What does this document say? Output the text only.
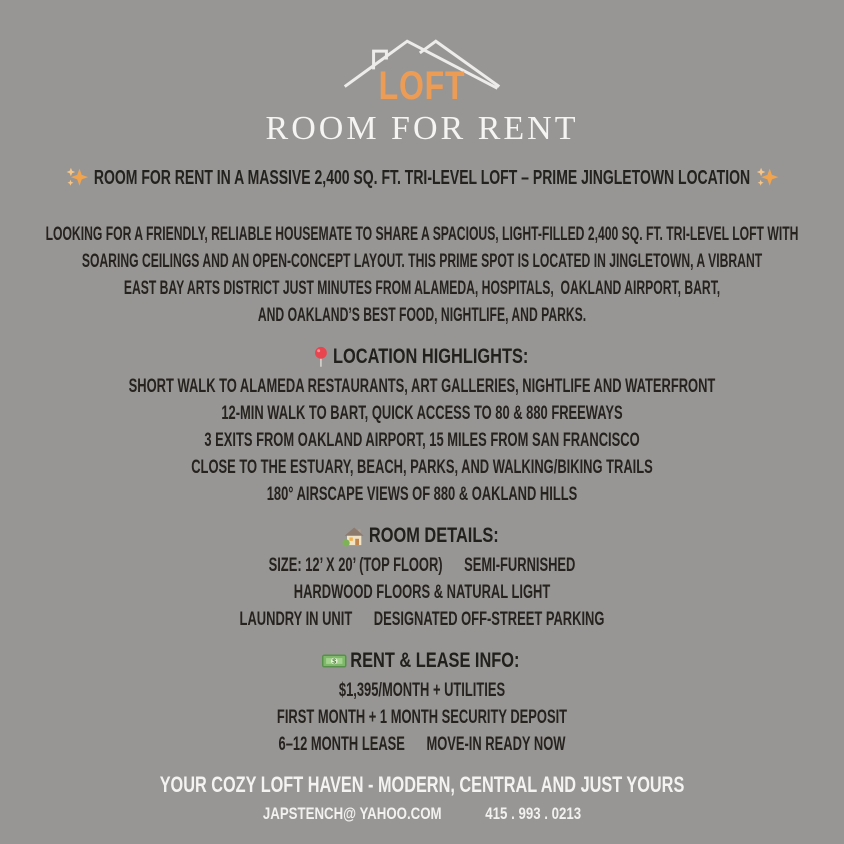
LOFT
ROOM FOR RENT
ROOM FOR RENT IN A MASSIVE 2,400 SQ. FT. TRI-LEVEL LOFT – PRIME JINGLETOWN LOCATION
LOOKING FOR A FRIENDLY, RELIABLE HOUSEMATE TO SHARE A SPACIOUS, LIGHT-FILLED 2,400 SQ. FT. TRI-LEVEL LOFT WITH
SOARING CEILINGS AND AN OPEN-CONCEPT LAYOUT. THIS PRIME SPOT IS LOCATED IN JINGLETOWN, A VIBRANT
EAST BAY ARTS DISTRICT JUST MINUTES FROM ALAMEDA, HOSPITALS,  OAKLAND AIRPORT, BART,
AND OAKLAND’S BEST FOOD, NIGHTLIFE, AND PARKS.
LOCATION HIGHLIGHTS:
SHORT WALK TO ALAMEDA RESTAURANTS, ART GALLERIES, NIGHTLIFE AND WATERFRONT
12-MIN WALK TO BART, QUICK ACCESS TO 80 & 880 FREEWAYS
3 EXITS FROM OAKLAND AIRPORT, 15 MILES FROM SAN FRANCISCO
CLOSE TO THE ESTUARY, BEACH, PARKS, AND WALKING/BIKING TRAILS
180° AIRSCAPE VIEWS OF 880 & OAKLAND HILLS
ROOM DETAILS:
SIZE: 12’ X 20’ (TOP FLOOR)      SEMI-FURNISHED
HARDWOOD FLOORS & NATURAL LIGHT
LAUNDRY IN UNIT      DESIGNATED OFF-STREET PARKING
$ RENT & LEASE INFO:
$1,395/MONTH + UTILITIES
FIRST MONTH + 1 MONTH SECURITY DEPOSIT
6–12 MONTH LEASE      MOVE-IN READY NOW
YOUR COZY LOFT HAVEN - MODERN, CENTRAL AND JUST YOURS
JAPSTENCH@ YAHOO.COM	415 . 993 . 0213
